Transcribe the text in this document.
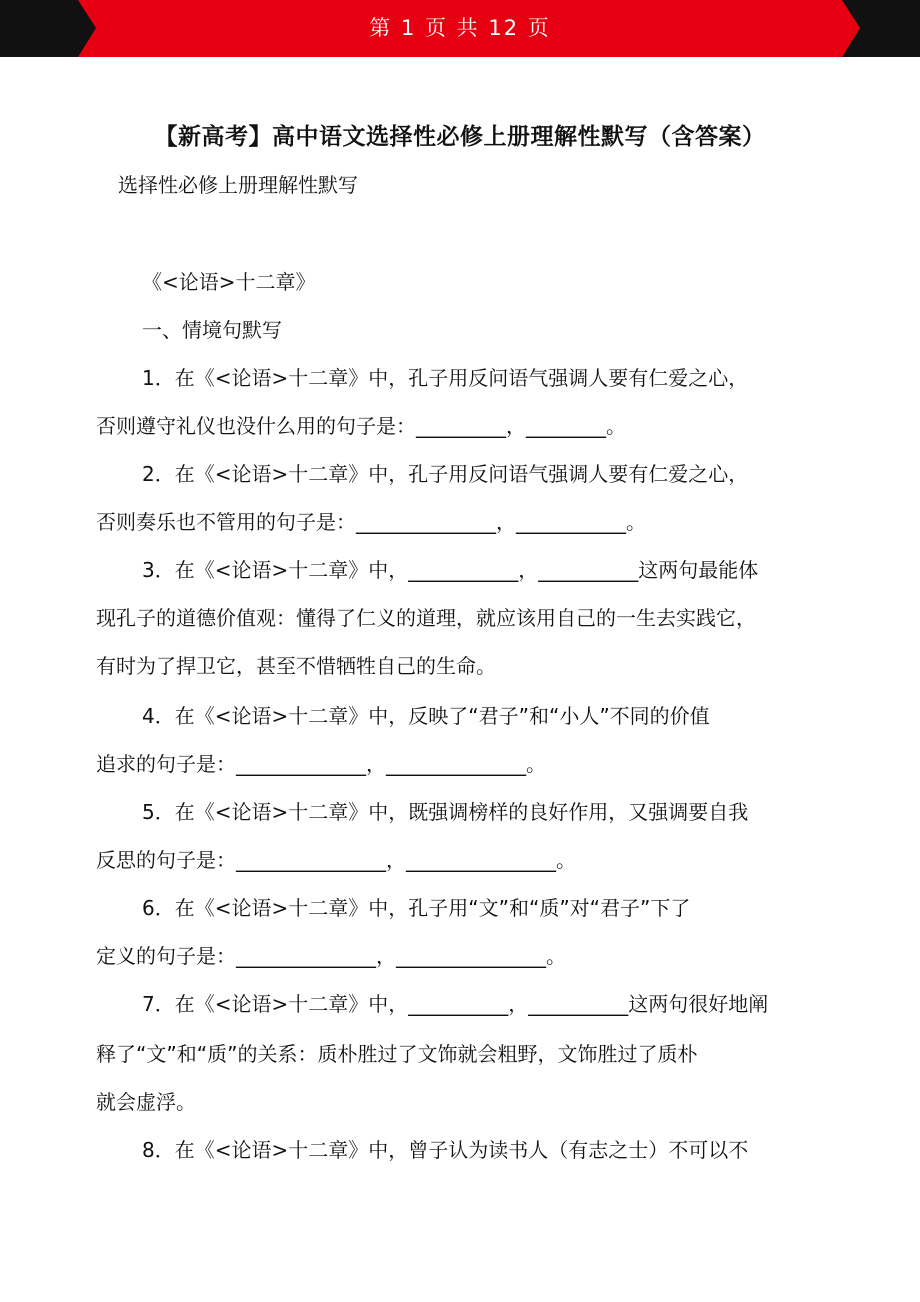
第 1 页 共 12 页
【新高考】高中语文选择性必修上册理解性默写（含答案）

选择性必修上册理解性默写

《<论语>十二章》

一、情境句默写

1．在《<论语>十二章》中，孔子用反问语气强调人要有仁爱之心，

否则遵守礼仪也没什么用的句子是：_________，________。

2．在《<论语>十二章》中，孔子用反问语气强调人要有仁爱之心，

否则奏乐也不管用的句子是：______________，___________。

3．在《<论语>十二章》中，___________，__________这两句最能体

现孔子的道德价值观：懂得了仁义的道理，就应该用自己的一生去实践它，

有时为了捍卫它，甚至不惜牺牲自己的生命。

4．在《<论语>十二章》中，反映了“君子”和“小人”不同的价值

追求的句子是：_____________，______________。

5．在《<论语>十二章》中，既强调榜样的良好作用，又强调要自我

反思的句子是：_______________，_______________。

6．在《<论语>十二章》中，孔子用“文”和“质”对“君子”下了

定义的句子是：______________，_______________。

7．在《<论语>十二章》中，__________，__________这两句很好地阐

释了“文”和“质”的关系：质朴胜过了文饰就会粗野，文饰胜过了质朴

就会虚浮。

8．在《<论语>十二章》中，曾子认为读书人（有志之士）不可以不
